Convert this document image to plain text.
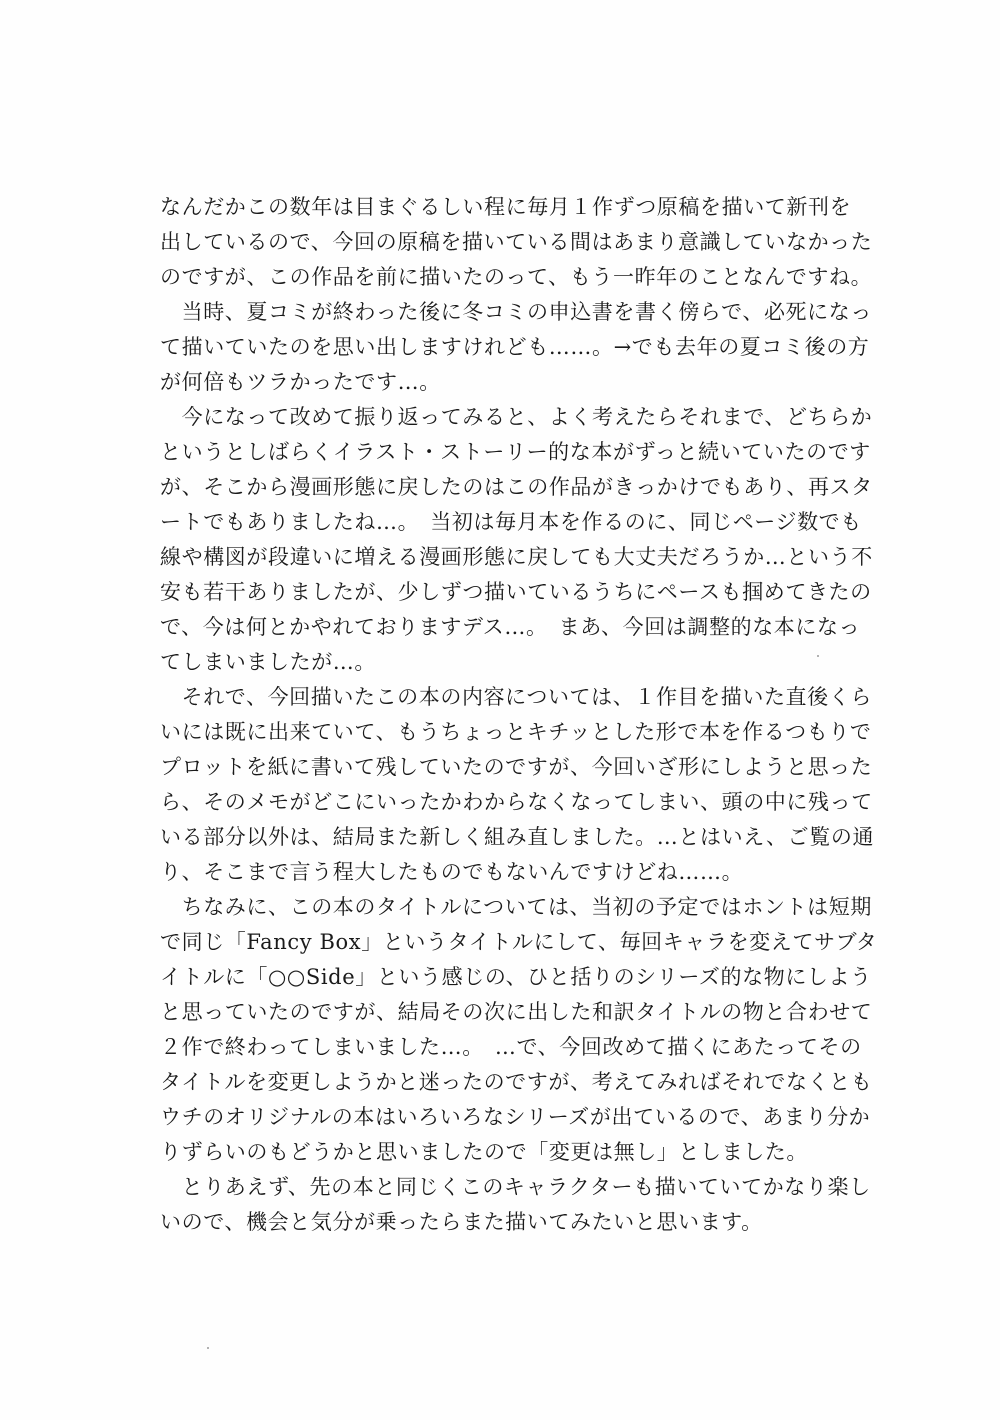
なんだかこの数年は目まぐるしい程に毎月１作ずつ原稿を描いて新刊を
出しているので、今回の原稿を描いている間はあまり意識していなかった
のですが、この作品を前に描いたのって、もう一昨年のことなんですね。
　当時、夏コミが終わった後に冬コミの申込書を書く傍らで、必死になっ
て描いていたのを思い出しますけれども……。→でも去年の夏コミ後の方
が何倍もツラかったです…。
　今になって改めて振り返ってみると、よく考えたらそれまで、どちらか
というとしばらくイラスト・ストーリー的な本がずっと続いていたのです
が、そこから漫画形態に戻したのはこの作品がきっかけでもあり、再スタ
ートでもありましたね…。　当初は毎月本を作るのに、同じページ数でも
線や構図が段違いに増える漫画形態に戻しても大丈夫だろうか…という不
安も若干ありましたが、少しずつ描いているうちにペースも掴めてきたの
で、今は何とかやれておりますデス…。　まあ、今回は調整的な本になっ
てしまいましたが…。
　それで、今回描いたこの本の内容については、１作目を描いた直後くら
いには既に出来ていて、もうちょっとキチッとした形で本を作るつもりで
プロットを紙に書いて残していたのですが、今回いざ形にしようと思った
ら、そのメモがどこにいったかわからなくなってしまい、頭の中に残って
いる部分以外は、結局また新しく組み直しました。…とはいえ、ご覧の通
り、そこまで言う程大したものでもないんですけどね……。
　ちなみに、この本のタイトルについては、当初の予定ではホントは短期
で同じ「Fancy Box」というタイトルにして、毎回キャラを変えてサブタ
イトルに「○○Side」という感じの、ひと括りのシリーズ的な物にしよう
と思っていたのですが、結局その次に出した和訳タイトルの物と合わせて
２作で終わってしまいました…。　…で、今回改めて描くにあたってその
タイトルを変更しようかと迷ったのですが、考えてみればそれでなくとも
ウチのオリジナルの本はいろいろなシリーズが出ているので、あまり分か
りずらいのもどうかと思いましたので「変更は無し」としました。
　とりあえず、先の本と同じくこのキャラクターも描いていてかなり楽し
いので、機会と気分が乗ったらまた描いてみたいと思います。
